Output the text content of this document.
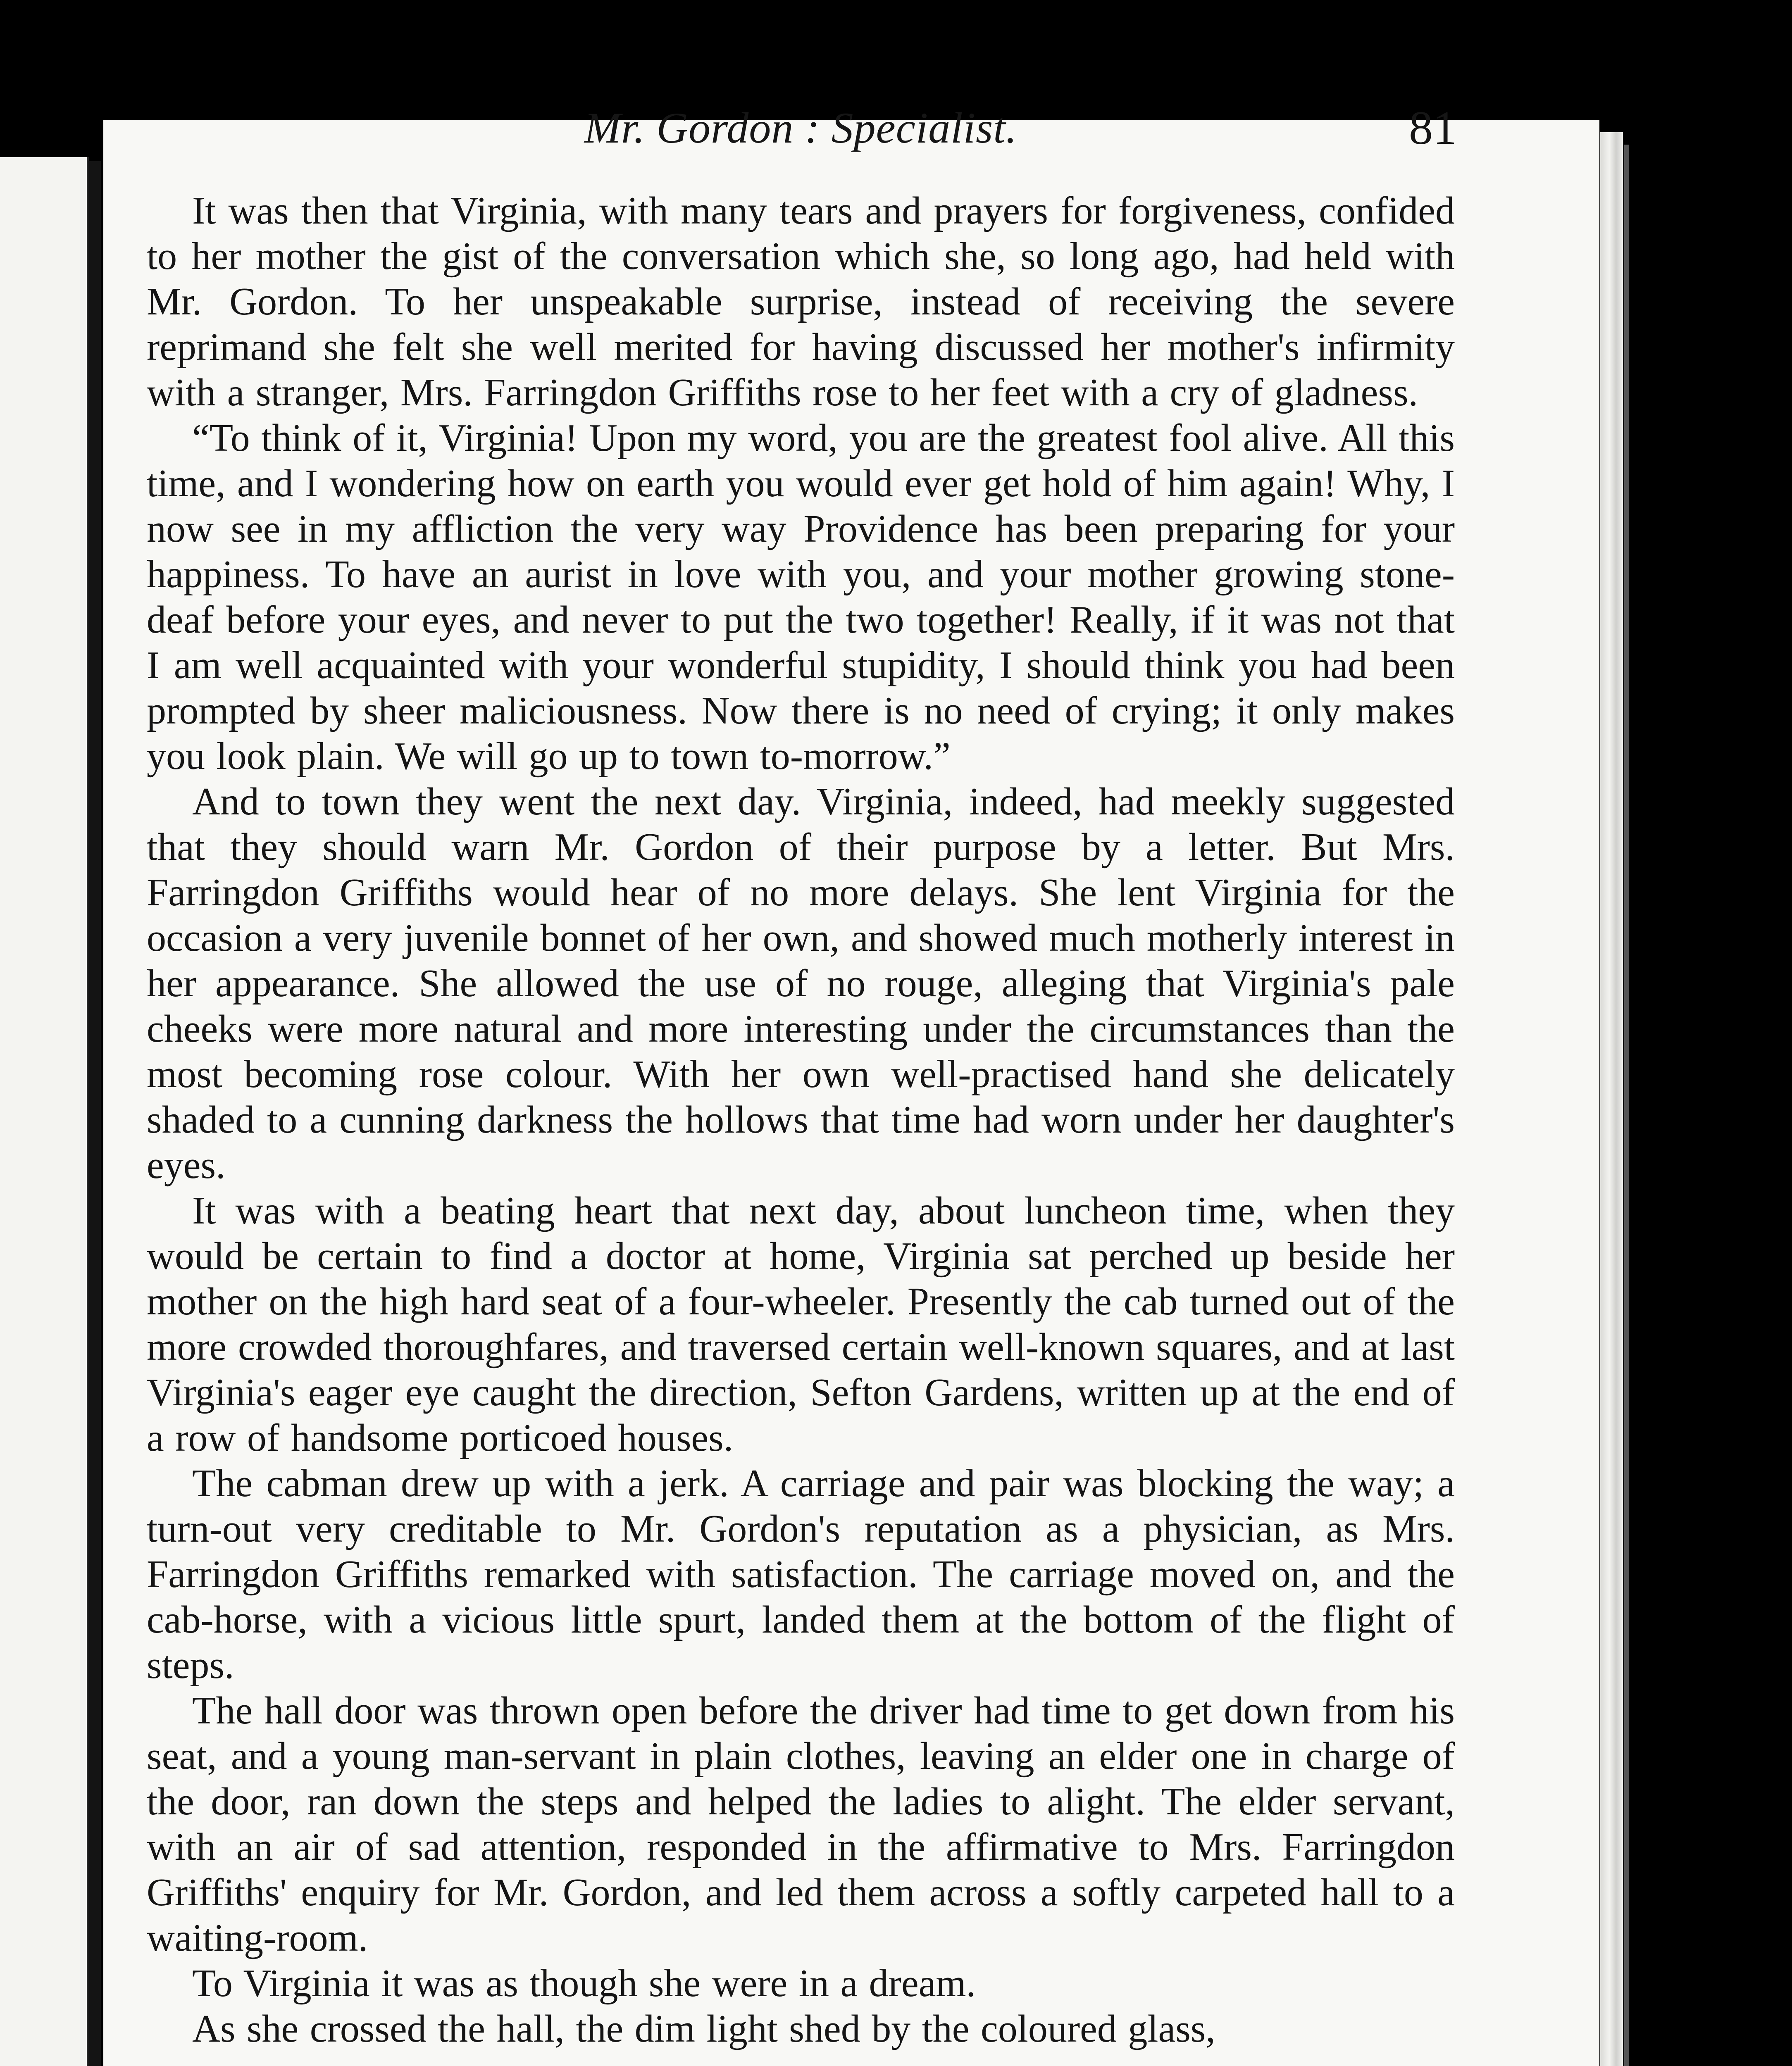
Mr. Gordon : Specialist.	81

It was then that Virginia, with many tears and prayers for forgiveness, confided to her mother the gist of the conversation which she, so long ago, had held with Mr. Gordon. To her unspeakable surprise, instead of receiving the severe reprimand she felt she well merited for having discussed her mother's infirmity with a stranger, Mrs. Farringdon Griffiths rose to her feet with a cry of gladness.

“To think of it, Virginia! Upon my word, you are the greatest fool alive. All this time, and I wondering how on earth you would ever get hold of him again! Why, I now see in my affliction the very way Providence has been preparing for your happiness. To have an aurist in love with you, and your mother growing stone-deaf before your eyes, and never to put the two together! Really, if it was not that I am well acquainted with your wonderful stupidity, I should think you had been prompted by sheer maliciousness. Now there is no need of crying; it only makes you look plain. We will go up to town to-morrow.”

And to town they went the next day. Virginia, indeed, had meekly suggested that they should warn Mr. Gordon of their purpose by a letter. But Mrs. Farringdon Griffiths would hear of no more delays. She lent Virginia for the occasion a very juvenile bonnet of her own, and showed much motherly interest in her appearance. She allowed the use of no rouge, alleging that Virginia's pale cheeks were more natural and more interesting under the circumstances than the most becoming rose colour. With her own well-practised hand she delicately shaded to a cunning darkness the hollows that time had worn under her daughter's eyes.

It was with a beating heart that next day, about luncheon time, when they would be certain to find a doctor at home, Virginia sat perched up beside her mother on the high hard seat of a four-wheeler. Presently the cab turned out of the more crowded thoroughfares, and traversed certain well-known squares, and at last Virginia's eager eye caught the direction, Sefton Gardens, written up at the end of a row of handsome porticoed houses.

The cabman drew up with a jerk. A carriage and pair was blocking the way; a turn-out very creditable to Mr. Gordon's reputation as a physician, as Mrs. Farringdon Griffiths remarked with satisfaction. The carriage moved on, and the cab-horse, with a vicious little spurt, landed them at the bottom of the flight of steps.

The hall door was thrown open before the driver had time to get down from his seat, and a young man-servant in plain clothes, leaving an elder one in charge of the door, ran down the steps and helped the ladies to alight. The elder servant, with an air of sad attention, responded in the affirmative to Mrs. Farringdon Griffiths' enquiry for Mr. Gordon, and led them across a softly carpeted hall to a waiting-room.

To Virginia it was as though she were in a dream.

As she crossed the hall, the dim light shed by the coloured glass,
